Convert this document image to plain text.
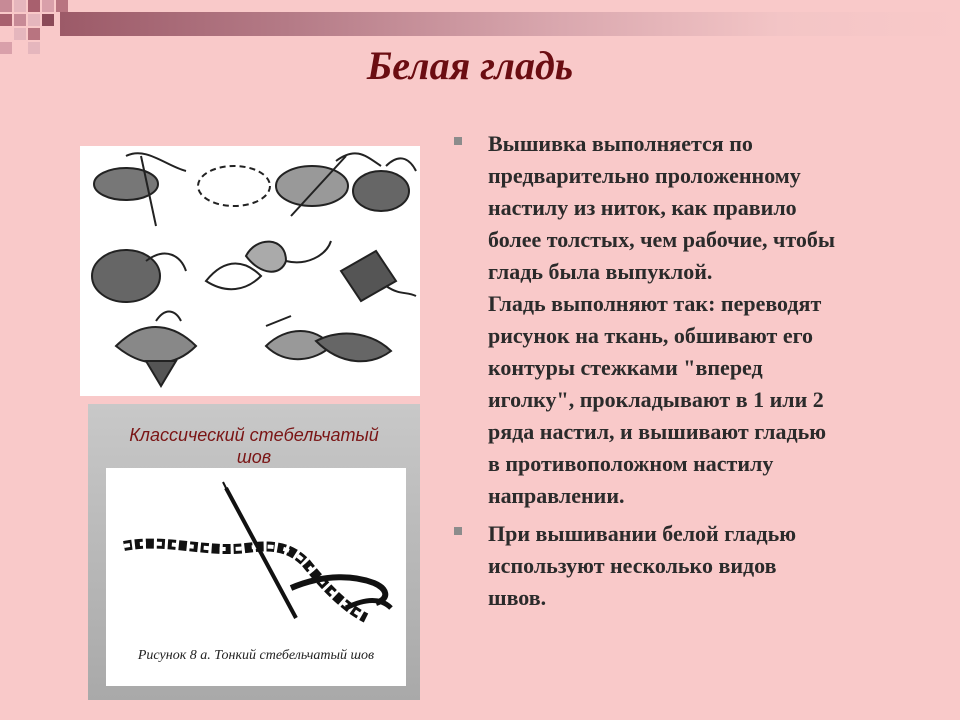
Белая гладь
Классический стебельчатый
шов
Рисунок 8 а. Тонкий стебельчатый шов
Вышивка выполняется по
предварительно проложенному
настилу из ниток, как правило
более толстых, чем рабочие, чтобы
гладь была выпуклой.
Гладь выполняют так: переводят
рисунок на ткань, обшивают его
контуры стежками "вперед
иголку", прокладывают в 1 или 2
ряда настил, и вышивают гладью
в противоположном настилу
направлении.
При вышивании белой гладью
используют несколько видов
швов.
